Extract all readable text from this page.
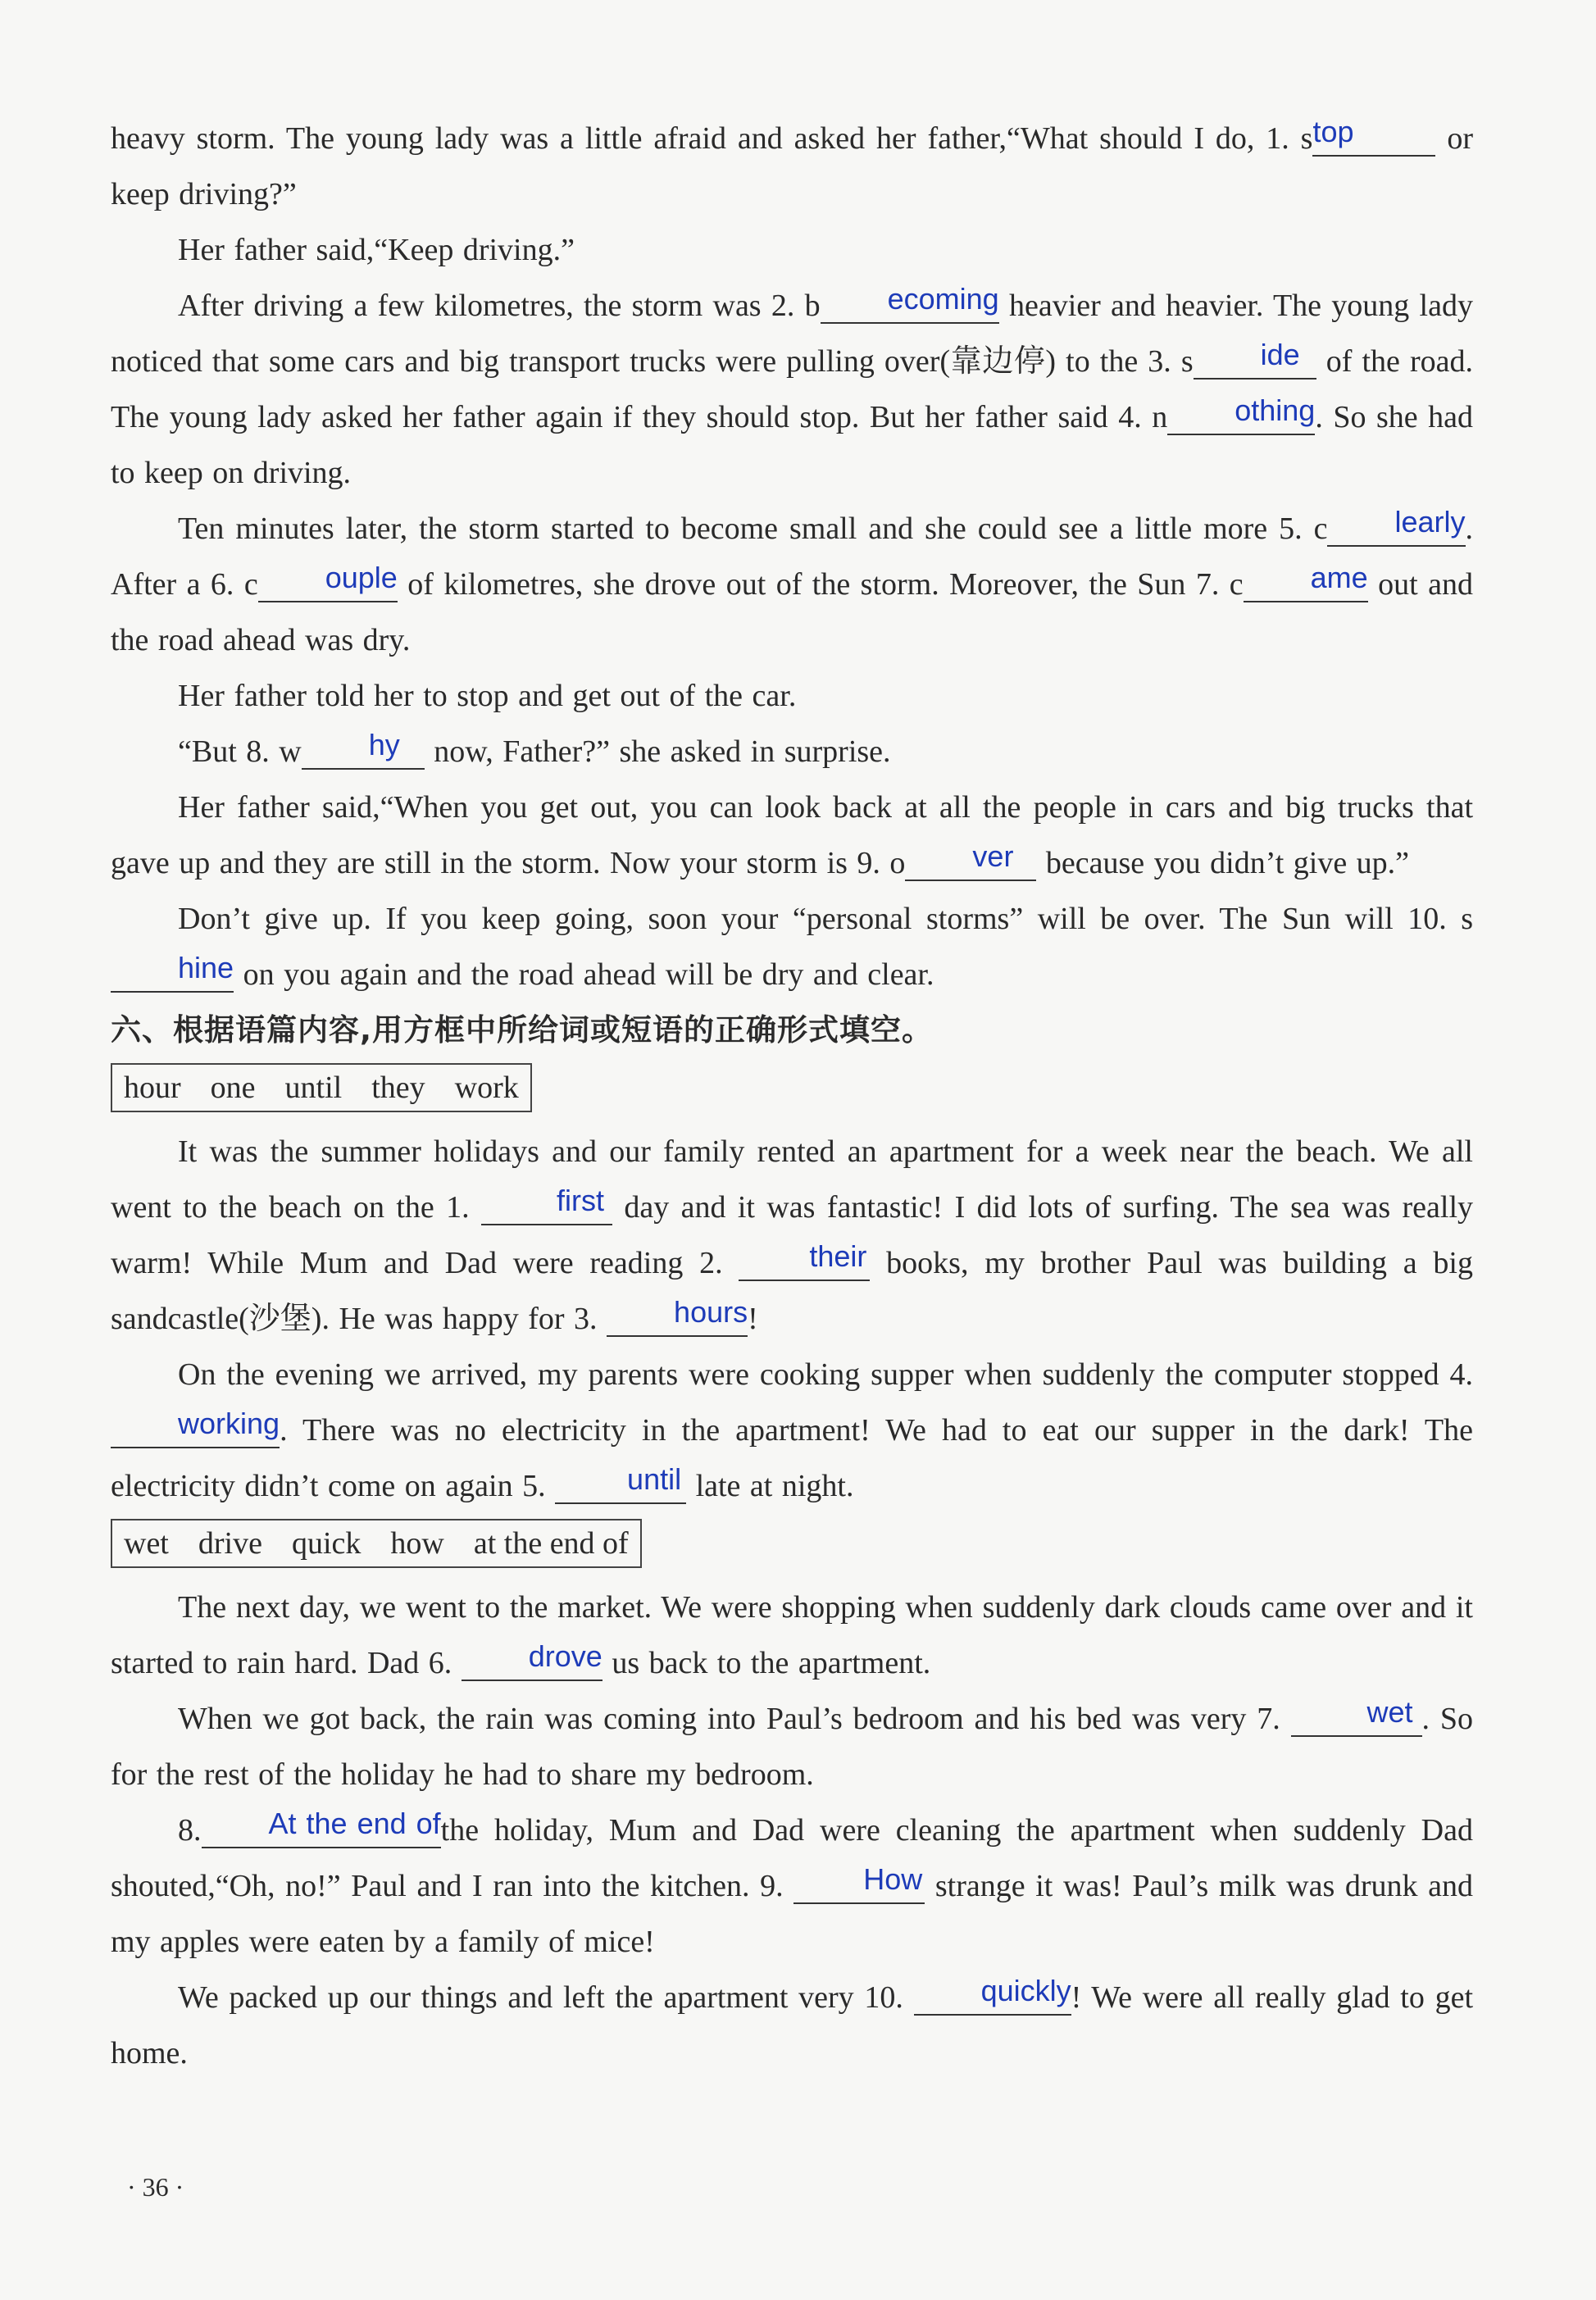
heavy storm. The young lady was a little afraid and asked her father,“What should I do, 1. stop	or keep driving?”

Her father said,“Keep driving.”

After driving a few kilometres, the storm was 2. b ecoming heavier and heavier. The young lady noticed that some cars and big transport trucks were pulling over(靠边停) to the 3. s ide of the road. The young lady asked her father again if they should stop. But her father said 4. n othing. So she had to keep on driving.

Ten minutes later, the storm started to become small and she could see a little more 5. c learly. After a 6. c ouple of kilometres, she drove out of the storm. Moreover, the Sun 7. c ame out and the road ahead was dry.

Her father told her to stop and get out of the car.

“But 8. w hy now, Father?” she asked in surprise.

Her father said,“When you get out, you can look back at all the people in cars and big trucks that gave up and they are still in the storm. Now your storm is 9. o ver because you didn’t give up.”

Don’t give up. If you keep going, soon your “personal storms” will be over. The Sun will 10. shine on you again and the road ahead will be dry and clear.

六、根据语篇内容,用方框中所给词或短语的正确形式填空。

hour one until they work

It was the summer holidays and our family rented an apartment for a week near the beach. We all went to the beach on the 1.	first day and it was fantastic! I did lots of surfing. The sea was really warm! While Mum and Dad were reading 2. their books, my brother Paul was building a big sandcastle(沙堡). He was happy for 3. hours!

On the evening we arrived, my parents were cooking supper when suddenly the computer stopped 4. working. There was no electricity in the apartment! We had to eat our supper in the dark! The electricity didn’t come on again 5. until late at night.

wet drive quick how at the end of

The next day, we went to the market. We were shopping when suddenly dark clouds came over and it started to rain hard. Dad 6. drove us back to the apartment.

When we got back, the rain was coming into Paul’s bedroom and his bed was very 7.	wet . So for the rest of the holiday he had to share my bedroom.

8. At the end ofthe holiday, Mum and Dad were cleaning the apartment when suddenly Dad shouted,“Oh, no!” Paul and I ran into the kitchen. 9. How strange it was! Paul’s milk was drunk and my apples were eaten by a family of mice!

We packed up our things and left the apartment very 10. quickly! We were all really glad to get home.

· 36 ·
